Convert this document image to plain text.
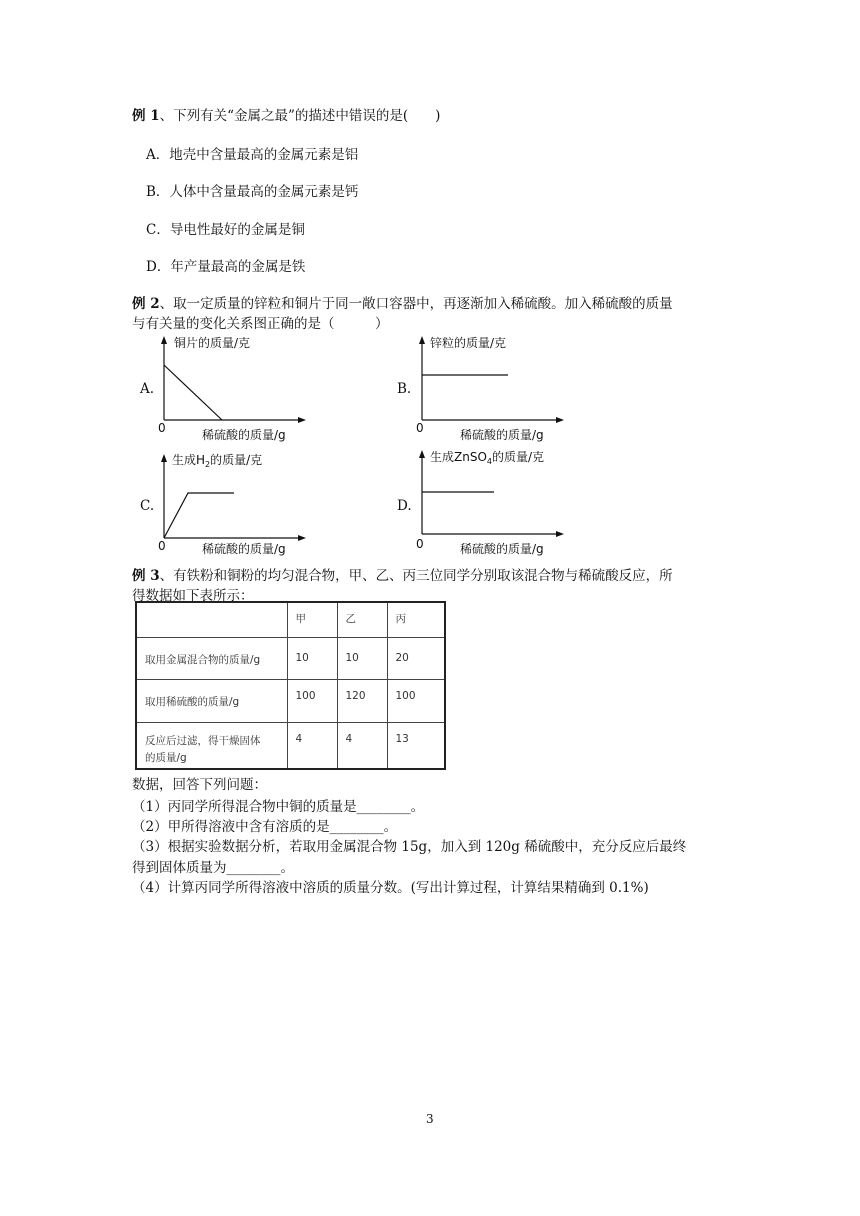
例 1、下列有关“金属之最”的描述中错误的是(　　)
A．地壳中含量最高的金属元素是铝
B．人体中含量最高的金属元素是钙
C．导电性最好的金属是铜
D．年产量最高的金属是铁
例 2、取一定质量的锌粒和铜片于同一敞口容器中，再逐渐加入稀硫酸。加入稀硫酸的质量
与有关量的变化关系图正确的是（　　　）
A.
铜片的质量/克
0	稀硫酸的质量/g
B.
锌粒的质量/克
0	稀硫酸的质量/g
C.
生成$H_2$的质量/克
0	稀硫酸的质量/g
D.
生成ZnSO$_4$的质量/克
0	稀硫酸的质量/g
例 3、有铁粉和铜粉的均匀混合物，甲、乙、丙三位同学分别取该混合物与稀硫酸反应，所
得数据如下表所示：
	甲	乙	丙
取用金属混合物的质量/g	10	10	20
取用稀硫酸的质量/g	100	120	100

反应后过滤，得干燥固体
的质量/g	4	4	13
数据，回答下列问题：
（1）丙同学所得混合物中铜的质量是________。
（2）甲所得溶液中含有溶质的是________。
（3）根据实验数据分析，若取用金属混合物 15g，加入到 120g 稀硫酸中，充分反应后最终
得到固体质量为________。
（4）计算丙同学所得溶液中溶质的质量分数。(写出计算过程，计算结果精确到 0.1%)
3
